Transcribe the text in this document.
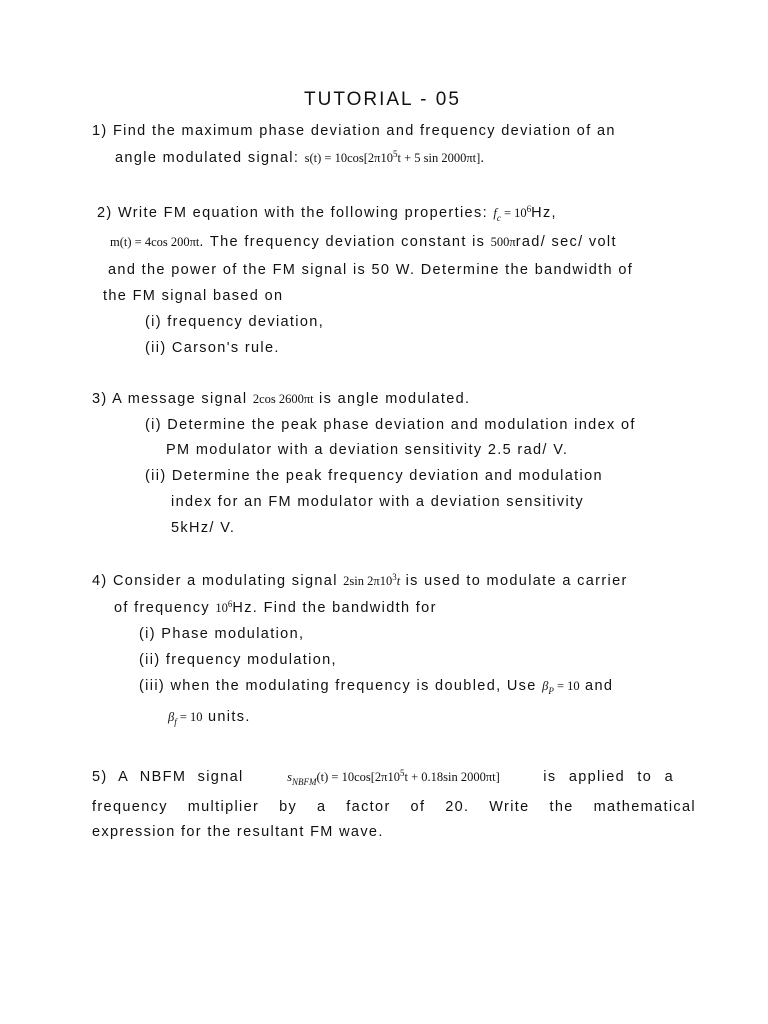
TUTORIAL - 05
1) Find the maximum phase deviation and frequency deviation of an
angle modulated signal: $s(t) = 10\cos[2\pi 10^5t + 5$ sin 2000πt].
2) Write FM equation with the following properties: $f_c = 10^6Hz$,
m(t) = 4cos 200πt. The frequency deviation constant is 500πrad/ sec/ volt
and the power of the FM signal is 50 W. Determine the bandwidth of
the FM signal based on
(i) frequency deviation,
(ii) Carson's rule.
3) A message signal 2cos 2600πt is angle modulated.
(i) Determine the peak phase deviation and modulation index of
PM modulator with a deviation sensitivity 2.5 rad/ V.
(ii) Determine the peak frequency deviation and modulation
index for an FM modulator with a deviation sensitivity
5kHz/ V.
4) Consider a modulating signal 2sin $2\pi 10^3t$ is used to modulate a carrier
of frequency $10^6Hz$. Find the bandwidth for
(i) Phase modulation,
(ii) frequency modulation,
(iii) when the modulating frequency is doubled, Use $\beta_P = 10$ and
$\beta_f = 10$ units.
5) A NBFM signal	$s_{NBFM}(t) = 10\cos[2\pi 10^5t + 0.18\sin$ 2000πt]	is applied to a
frequency multiplier by a factor of 20. Write the mathematical
expression for the resultant FM wave.
